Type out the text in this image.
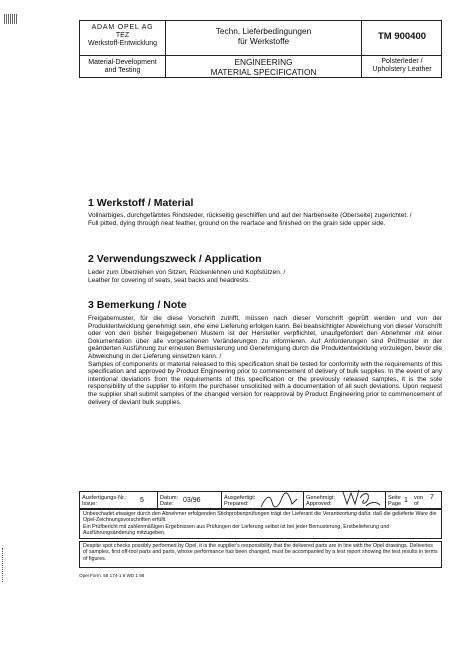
ADAM OPEL AG
TEZ
Werkstoff-Entwicklung
Material-Development
and Testing
Techn. Lieferbedingungen
für Werkstoffe
ENGINEERING
MATERIAL SPECIFICATION
TM 900400
Polsterleder /
Upholstery Leather
1 Werkstoff / Material

Vollnarbiges, durchgefärbtes Rindsleder, rückseitig geschliffen und auf der Narbenseite (Oberseite) zugerichtet. /

Full pitted, dying through neat feather, ground on the rearface and finished on the grain side upper side.

2 Verwendungszweck / Application

Leder zum Überziehen von Sitzen, Rückenlehnen und Kopfstützen. /

Leather for covering of seats, seat backs and headrests.

3 Bemerkung / Note

Freigabemuster, für die diese Vorschrift zutrifft, müssen nach dieser Vorschrift geprüft werden und von der Produktentwicklung genehmigt sein, ehe eine Lieferung erfolgen kann. Bei beabsichtigter Abweichung von dieser Vorschrift oder von den bisher freigegebenen Mustern ist der Hersteller verpflichtet, unaufgefordert den Abnehmer mit einer Dokumentation über alle vorgesehenen Veränderungen zu informieren. Auf Anforderungen sind Prüfmuster in der geänderten Ausführung zur erneuten Bemusterung und Genehmigung durch die Produktentwicklung vorzulegen, bevor die Abweichung in der Lieferung einsetzen kann. /

Samples of components or material released to this specification shall be tested for conformity with the requirements of this specification and approved by Product Engineering prior to commencement of delivery of bulk supplies. In the event of any intentional deviations from the requirements of this specification or the previously released samples, it is the sole responsibility of the supplier to inform the purchaser unsolicited with a documentation of all such deviations. Upon request the supplier shall submit samples of the changed version for reapproval by Product Engineering prior to commencement of delivery of deviant bulk supplies.

Ausfertigungs-Nr.:
Issue:
5	Datum:
Date:
03/96	Ausgefertigt:
Prepared:
Genehmigt:
Approved:
Seite
Page
1 von
of
7

Unbeschadet etwaiger durch den Abnehmer erfolgenden Stichprobenprüfungen trägt der Lieferant die Verantwortung dafür, daß die gelieferte Ware die Opel-Zeichnungsvorschriften erfüllt.

Ein Prüfbericht mit zahlenmäßigen Ergebnissen aus Prüfungen der Lieferung selbst ist bei jeder Bemusterung, Erstbelieferung und Ausführungsänderung mitzugeben.

Despite spot checks possibly performed by Opel, it is the supplier's responsibility that the delivered parts are in line with the Opel drawings. Deliveries of samples, first off-tool parts and parts, whose performance has been changed, must be accompanied by a test report showing the test results in terms of figures.

Opel Form. 55 174-1 8 WD 1 88
